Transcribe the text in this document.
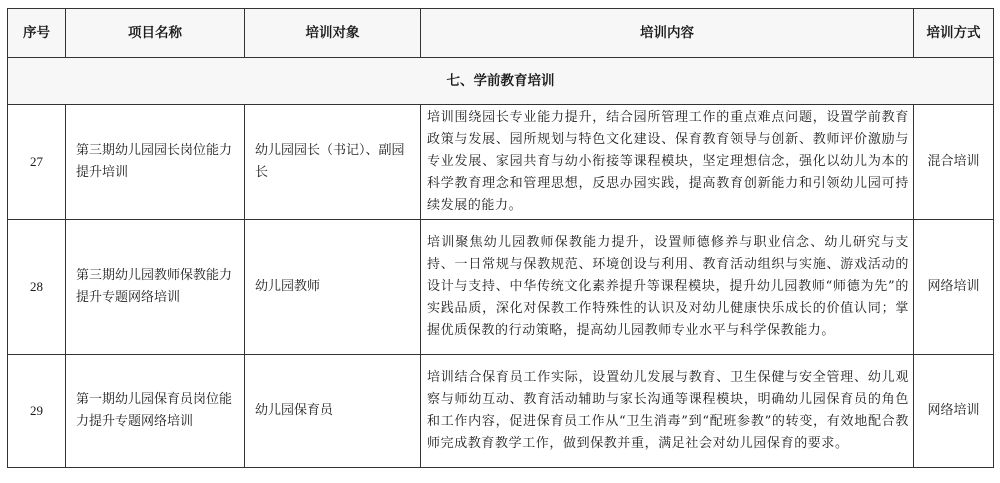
序号	项目名称	培训对象	培训内容	培训方式
七、学前教育培训				
27	第三期幼儿园园长岗位能力提升培训	幼儿园园长（书记）、副园长	培训围绕园长专业能力提升，结合园所管理工作的重点难点问题，设置学前教育政策与发展、园所规划与特色文化建设、保育教育领导与创新、教师评价激励与专业发展、家园共育与幼小衔接等课程模块，坚定理想信念，强化以幼儿为本的科学教育理念和管理思想，反思办园实践，提高教育创新能力和引领幼儿园可持续发展的能力。	混合培训
28	第三期幼儿园教师保教能力提升专题网络培训	幼儿园教师	培训聚焦幼儿园教师保教能力提升，设置师德修养与职业信念、幼儿研究与支持、一日常规与保教规范、环境创设与利用、教育活动组织与实施、游戏活动的设计与支持、中华传统文化素养提升等课程模块，提升幼儿园教师“师德为先”的实践品质，深化对保教工作特殊性的认识及对幼儿健康快乐成长的价值认同；掌握优质保教的行动策略，提高幼儿园教师专业水平与科学保教能力。	网络培训
29	第一期幼儿园保育员岗位能力提升专题网络培训	幼儿园保育员	培训结合保育员工作实际，设置幼儿发展与教育、卫生保健与安全管理、幼儿观察与师幼互动、教育活动辅助与家长沟通等课程模块，明确幼儿园保育员的角色和工作内容，促进保育员工作从“卫生消毒”到“配班参教”的转变，有效地配合教师完成教育教学工作，做到保教并重，满足社会对幼儿园保育的要求。	网络培训
